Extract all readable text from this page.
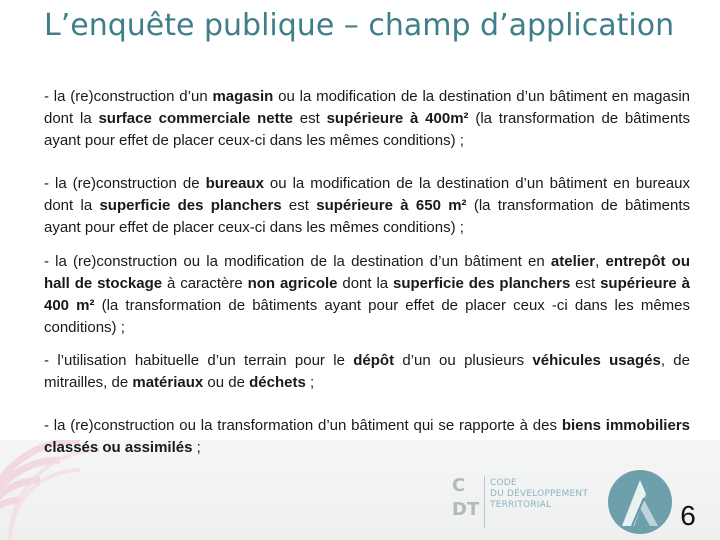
L’enquête publique – champ d’application

- la (re)construction d’un magasin ou la modification de la destination d’un bâtiment en magasin dont la surface commerciale nette est supérieure à 400m² (la transformation de bâtiments ayant pour effet de placer ceux-ci dans les mêmes conditions) ;

- la (re)construction de bureaux ou la modification de la destination d’un bâtiment en bureaux dont la superficie des planchers est supérieure à 650 m² (la transformation de bâtiments ayant pour effet de placer ceux-ci dans les mêmes conditions) ;

- la (re)construction ou la modification de la destination d’un bâtiment en atelier, entrepôt ou hall de stockage à caractère non agricole dont la superficie des planchers est supérieure à 400 m² (la transformation de bâtiments ayant pour effet de placer ceux -ci dans les mêmes conditions) ;

- l’utilisation habituelle d’un terrain pour le dépôt d’un ou plusieurs véhicules usagés, de mitrailles, de matériaux ou de déchets ;

- la (re)construction ou la transformation d’un bâtiment qui se rapporte à des biens immobiliers classés ou assimilés ;

C
DT
CODE
DU DÉVELOPPEMENT
TERRITORIAL	6
